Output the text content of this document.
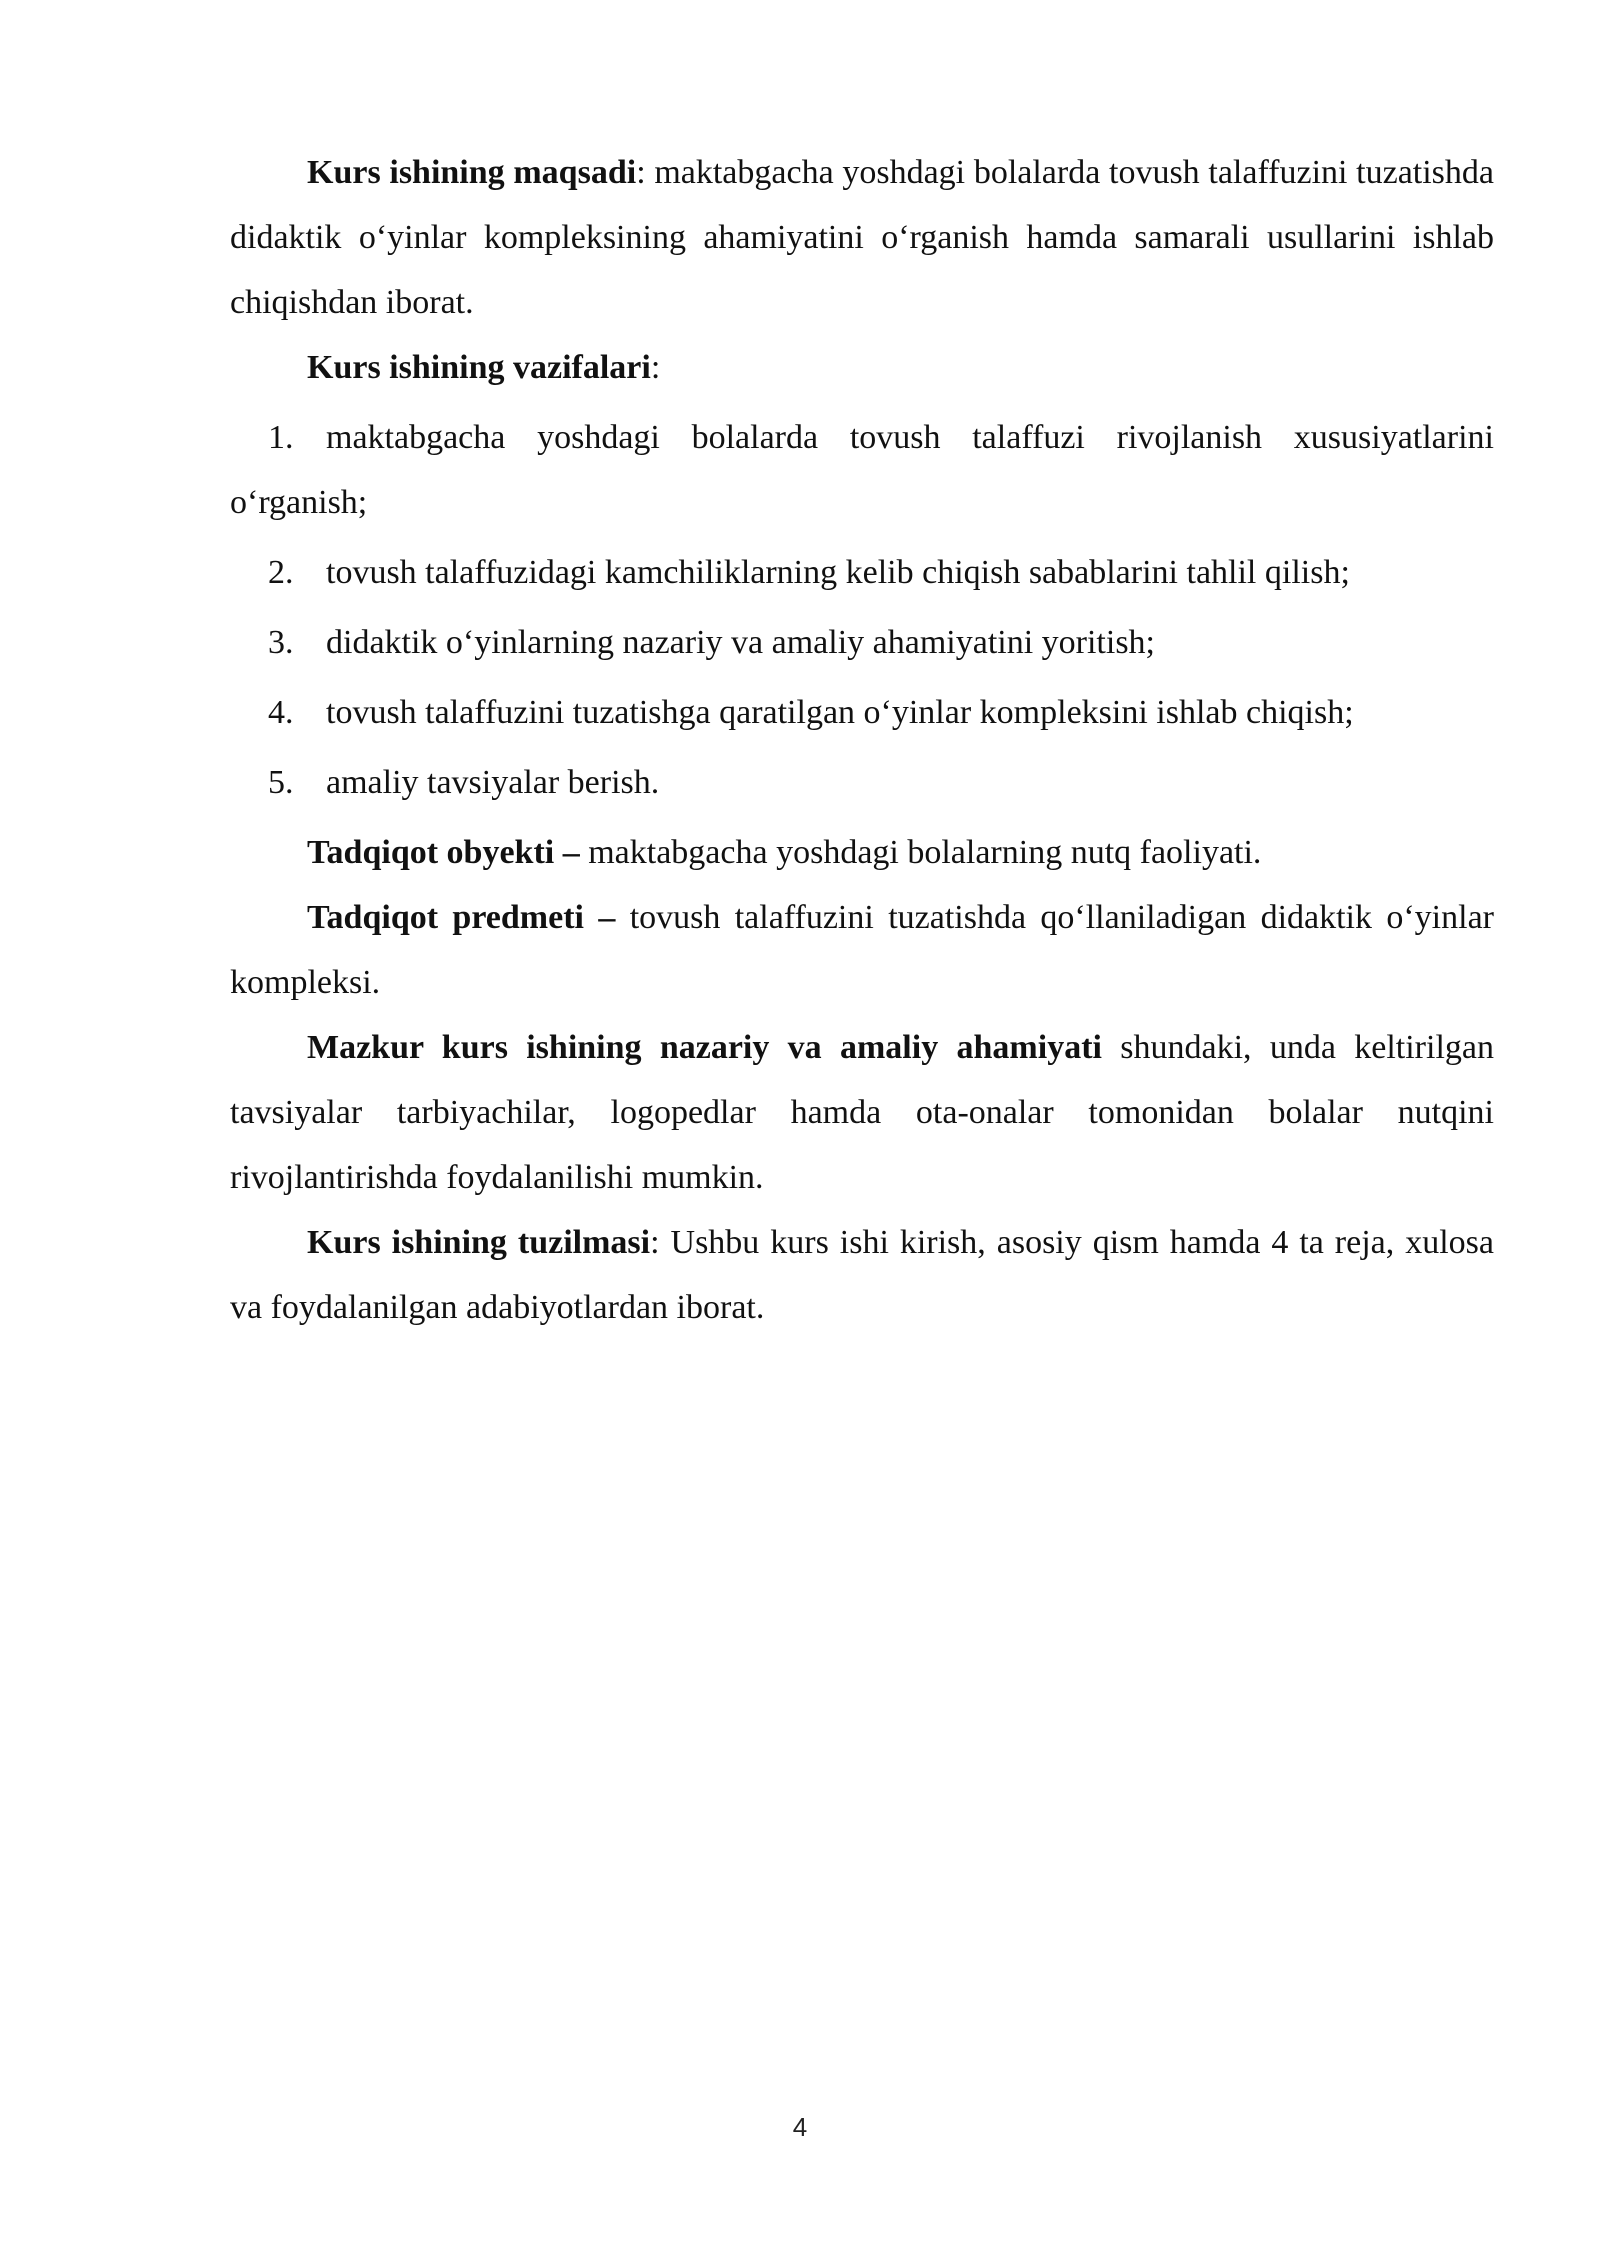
Kurs ishining maqsadi: maktabgacha yoshdagi bolalarda tovush talaffuzini tuzatishda didaktik o‘yinlar kompleksining ahamiyatini o‘rganish hamda samarali usullarini ishlab chiqishdan iborat.

Kurs ishining vazifalari:

1. maktabgacha yoshdagi bolalarda tovush talaffuzi rivojlanish xususiyatlarini o‘rganish;

2. tovush talaffuzidagi kamchiliklarning kelib chiqish sabablarini tahlil qilish;

3. didaktik o‘yinlarning nazariy va amaliy ahamiyatini yoritish;

4. tovush talaffuzini tuzatishga qaratilgan o‘yinlar kompleksini ishlab chiqish;

5. amaliy tavsiyalar berish.

Tadqiqot obyekti – maktabgacha yoshdagi bolalarning nutq faoliyati.

Tadqiqot predmeti – tovush talaffuzini tuzatishda qo‘llaniladigan didaktik o‘yinlar kompleksi.

Mazkur kurs ishining nazariy va amaliy ahamiyati shundaki, unda keltirilgan tavsiyalar tarbiyachilar, logopedlar hamda ota-onalar tomonidan bolalar nutqini rivojlantirishda foydalanilishi mumkin.

Kurs ishining tuzilmasi: Ushbu kurs ishi kirish, asosiy qism hamda 4 ta reja, xulosa va foydalanilgan adabiyotlardan iborat.

4
